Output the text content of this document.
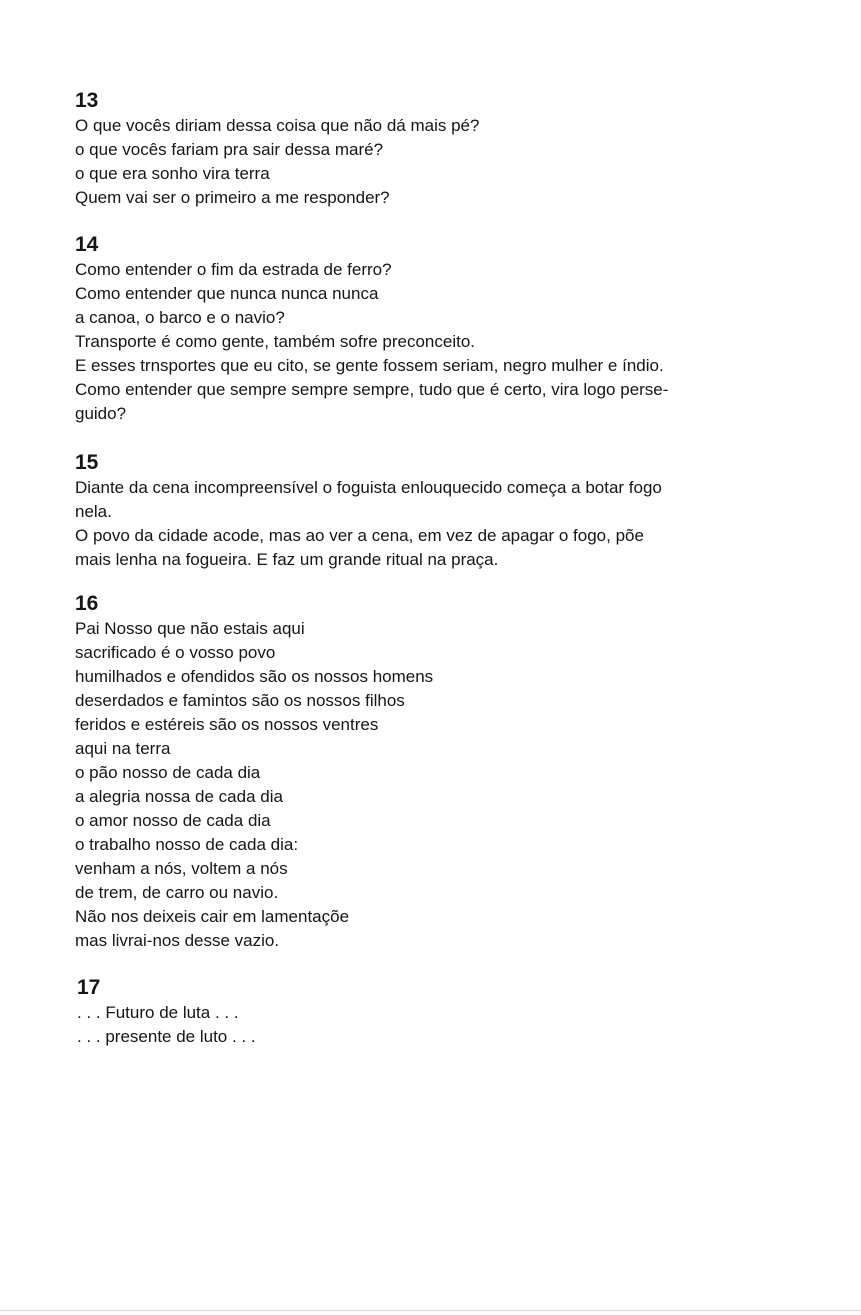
13
O que vocês diriam dessa coisa que não dá mais pé?
o que vocês fariam pra sair dessa maré?
o que era sonho vira terra
Quem vai ser o primeiro a me responder?
14
Como entender o fim da estrada de ferro?
Como entender que nunca nunca nunca
a canoa, o barco e o navio?
Transporte é como gente, também sofre preconceito.
E esses trnsportes que eu cito, se gente fossem seriam, negro mulher e índio.
Como entender que sempre sempre sempre, tudo que é certo, vira logo perse-
guido?
15
Diante da cena incompreensível o foguista enlouquecido começa a botar fogo
nela.
O povo da cidade acode, mas ao ver a cena, em vez de apagar o fogo, põe
mais lenha na fogueira. E faz um grande ritual na praça.
16
Pai Nosso que não estais aqui
sacrificado é o vosso povo
humilhados e ofendidos são os nossos homens
deserdados e famintos são os nossos filhos
feridos e estéreis são os nossos ventres
aqui na terra
o pão nosso de cada dia
a alegria nossa de cada dia
o amor nosso de cada dia
o trabalho nosso de cada dia:
venham a nós, voltem a nós
de trem, de carro ou navio.
Não nos deixeis cair em lamentaçõe
mas livrai-nos desse vazio.
17
. . . Futuro de luta . . .
. . . presente de luto . . .
